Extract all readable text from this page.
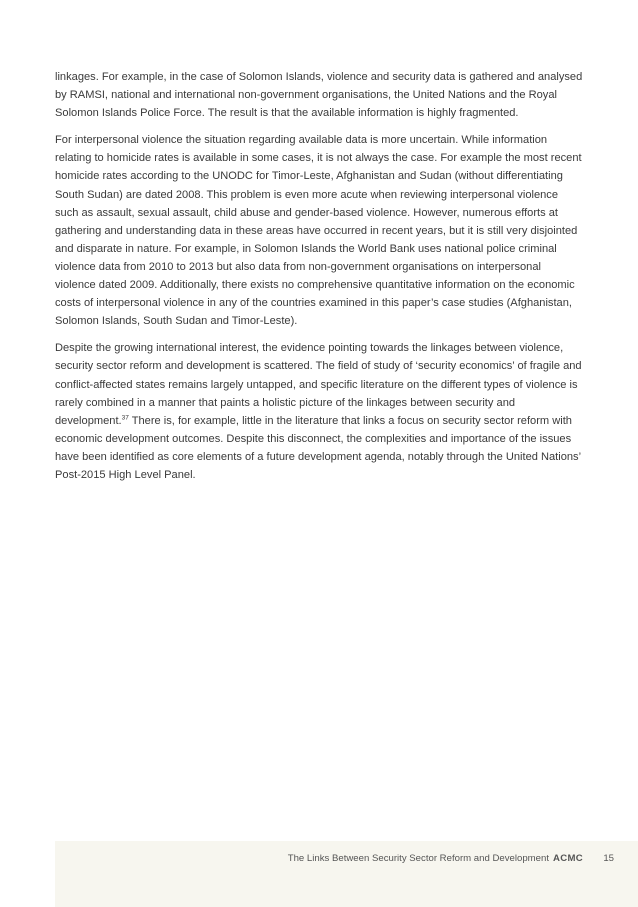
linkages. For example, in the case of Solomon Islands, violence and security data is gathered and analysed by RAMSI, national and international non-government organisations, the United Nations and the Royal Solomon Islands Police Force. The result is that the available information is highly fragmented.

For interpersonal violence the situation regarding available data is more uncertain. While information relating to homicide rates is available in some cases, it is not always the case. For example the most recent homicide rates according to the UNODC for Timor-Leste, Afghanistan and Sudan (without differentiating South Sudan) are dated 2008. This problem is even more acute when reviewing interpersonal violence such as assault, sexual assault, child abuse and gender-based violence. However, numerous efforts at gathering and understanding data in these areas have occurred in recent years, but it is still very disjointed and disparate in nature. For example, in Solomon Islands the World Bank uses national police criminal violence data from 2010 to 2013 but also data from non-government organisations on interpersonal violence dated 2009. Additionally, there exists no comprehensive quantitative information on the economic costs of interpersonal violence in any of the countries examined in this paper’s case studies (Afghanistan, Solomon Islands, South Sudan and Timor-Leste).

Despite the growing international interest, the evidence pointing towards the linkages between violence, security sector reform and development is scattered. The field of study of ‘security economics’ of fragile and conflict-affected states remains largely untapped, and specific literature on the different types of violence is rarely combined in a manner that paints a holistic picture of the linkages between security and development.$^{37}$ There is, for example, little in the literature that links a focus on security sector reform with economic development outcomes. Despite this disconnect, the complexities and importance of the issues have been identified as core elements of a future development agenda, notably through the United Nations’ Post-2015 High Level Panel.

The Links Between Security Sector Reform and Development ACMC 15
